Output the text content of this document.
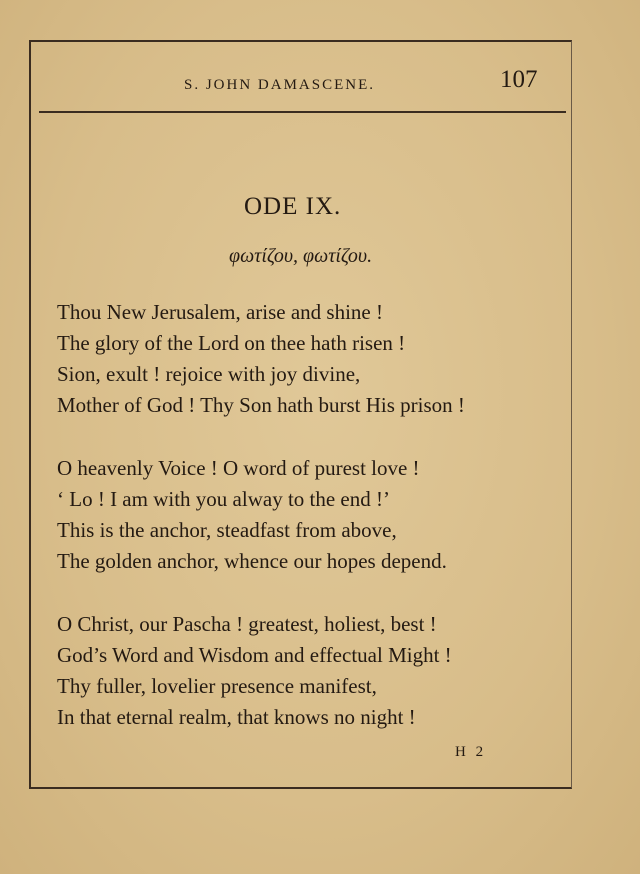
S. JOHN DAMASCENE.	107
ODE IX.
φωτίζου, φωτίζου.
Thou New Jerusalem, arise and shine !
The glory of the Lord on thee hath risen !
Sion, exult ! rejoice with joy divine,
Mother of God ! Thy Son hath burst His prison !
O heavenly Voice ! O word of purest love !
‘ Lo ! I am with you alway to the end !’
This is the anchor, steadfast from above,
The golden anchor, whence our hopes depend.
O Christ, our Pascha ! greatest, holiest, best !
God’s Word and Wisdom and effectual Might !
Thy fuller, lovelier presence manifest,
In that eternal realm, that knows no night !
H 2
